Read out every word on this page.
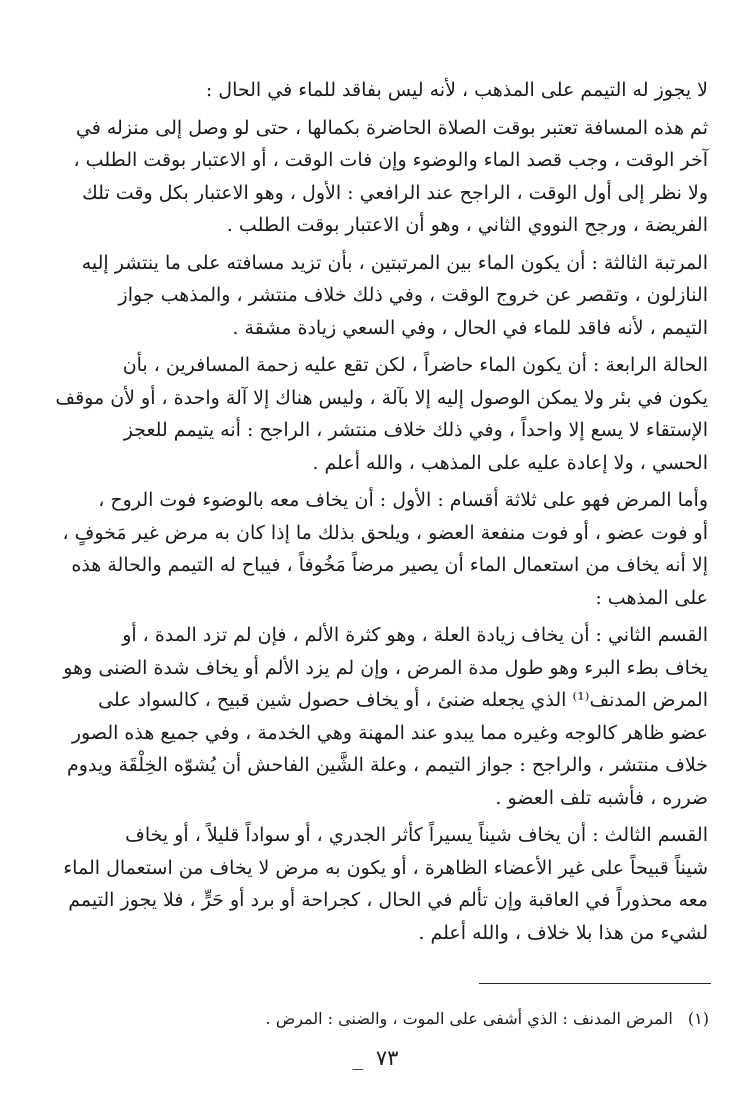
لا يجوز له التيمم على المذهب ، لأنه ليس بفاقد للماء في الحال :

ثم هذه المسافة تعتبر بوقت الصلاة الحاضرة بكمالها ، حتى لو وصل إلى منزله في
آخر الوقت ، وجب قصد الماء والوضوء وإن فات الوقت ، أو الاعتبار بوقت الطلب ،
ولا نظر إلى أول الوقت ، الراجح عند الرافعي : الأول ، وهو الاعتبار بكل وقت تلك
الفريضة ، ورجح النووي الثاني ، وهو أن الاعتبار بوقت الطلب .

المرتبة الثالثة : أن يكون الماء بين المرتبتين ، بأن تزيد مسافته على ما ينتشر إليه
النازلون ، وتقصر عن خروج الوقت ، وفي ذلك خلاف منتشر ، والمذهب جواز
التيمم ، لأنه فاقد للماء في الحال ، وفي السعي زيادة مشقة .

الحالة الرابعة : أن يكون الماء حاضراً ، لكن تقع عليه زحمة المسافرين ، بأن
يكون في بئر ولا يمكن الوصول إليه إلا بآلة ، وليس هناك إلا آلة واحدة ، أو لأن موقف
الإستقاء لا يسع إلا واحداً ، وفي ذلك خلاف منتشر ، الراجح : أنه يتيمم للعجز
الحسي ، ولا إعادة عليه على المذهب ، والله أعلم .

وأما المرض فهو على ثلاثة أقسام : الأول : أن يخاف معه بالوضوء فوت الروح ،
أو فوت عضو ، أو فوت منفعة العضو ، ويلحق بذلك ما إذا كان به مرض غير مَخوفٍ ،
إلا أنه يخاف من استعمال الماء أن يصير مرضاً مَخُوفاً ، فيباح له التيمم والحالة هذه
على المذهب :

القسم الثاني : أن يخاف زيادة العلة ، وهو كثرة الألم ، فإن لم تزد المدة ، أو
يخاف بطء البرء وهو طول مدة المرض ، وإن لم يزد الألم أو يخاف شدة الضنى وهو
المرض المدنف⁽¹⁾ الذي يجعله ضنئ ، أو يخاف حصول شين قبيح ، كالسواد على
عضو ظاهر كالوجه وغيره مما يبدو عند المهنة وهي الخدمة ، وفي جميع هذه الصور
خلاف منتشر ، والراجح : جواز التيمم ، وعلة الشَّين الفاحش أن يُشوّه الخِلْقَة ويدوم
ضرره ، فأشبه تلف العضو .

القسم الثالث : أن يخاف شيناً يسيراً كأثر الجدري ، أو سواداً قليلاً ، أو يخاف
شيناً قبيحاً على غير الأعضاء الظاهرة ، أو يكون به مرض لا يخاف من استعمال الماء
معه محذوراً في العاقبة وإن تألم في الحال ، كجراحة أو برد أو حَرٍّ ، فلا يجوز التيمم
لشيء من هذا بلا خلاف ، والله أعلم .

(١) المرض المدنف : الذي أشفى على الموت ، والضنى : المرض .
٧٣ _
